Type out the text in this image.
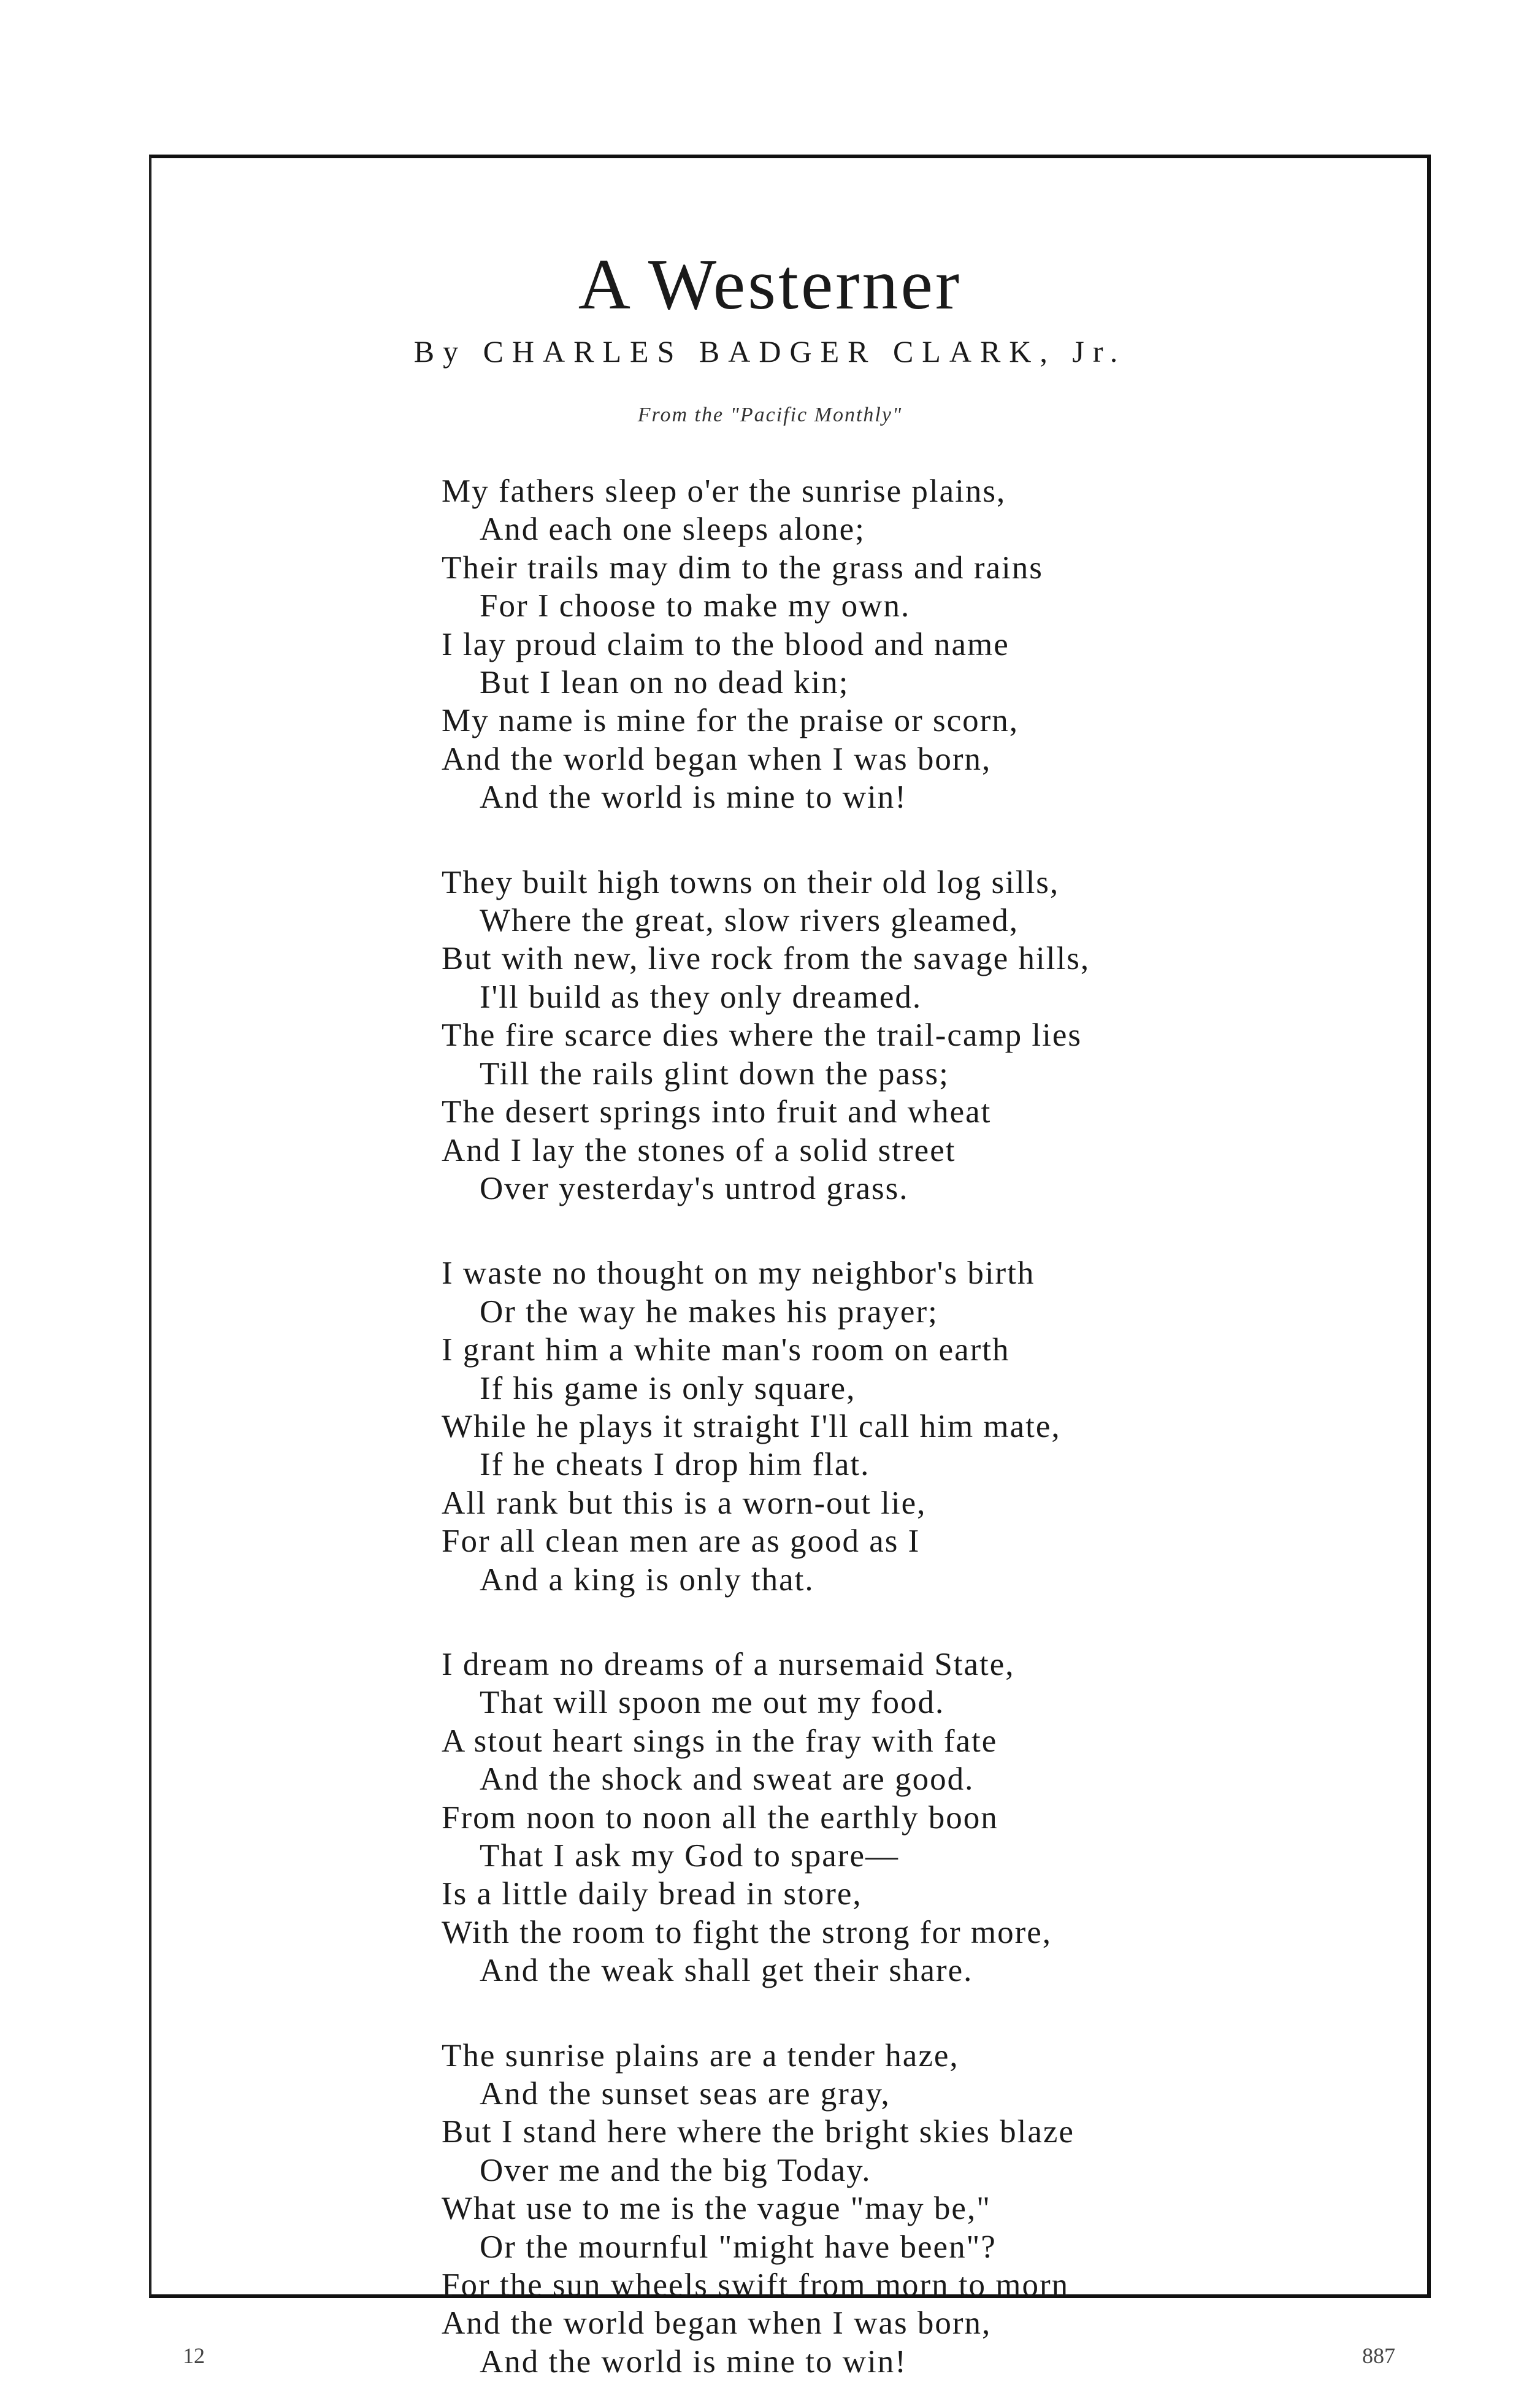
A Westerner
By CHARLES BADGER CLARK, Jr.
From the "Pacific Monthly"
My fathers sleep o'er the sunrise plains,
And each one sleeps alone;
Their trails may dim to the grass and rains
For I choose to make my own.
I lay proud claim to the blood and name
But I lean on no dead kin;
My name is mine for the praise or scorn,
And the world began when I was born,
And the world is mine to win!
They built high towns on their old log sills,
Where the great, slow rivers gleamed,
But with new, live rock from the savage hills,
I'll build as they only dreamed.
The fire scarce dies where the trail-camp lies
Till the rails glint down the pass;
The desert springs into fruit and wheat
And I lay the stones of a solid street
Over yesterday's untrod grass.
I waste no thought on my neighbor's birth
Or the way he makes his prayer;
I grant him a white man's room on earth
If his game is only square,
While he plays it straight I'll call him mate,
If he cheats I drop him flat.
All rank but this is a worn-out lie,
For all clean men are as good as I
And a king is only that.
I dream no dreams of a nursemaid State,
That will spoon me out my food.
A stout heart sings in the fray with fate
And the shock and sweat are good.
From noon to noon all the earthly boon
That I ask my God to spare—
Is a little daily bread in store,
With the room to fight the strong for more,
And the weak shall get their share.
The sunrise plains are a tender haze,
And the sunset seas are gray,
But I stand here where the bright skies blaze
Over me and the big Today.
What use to me is the vague "may be,"
Or the mournful "might have been"?
For the sun wheels swift from morn to morn
And the world began when I was born,
And the world is mine to win!
12	887
